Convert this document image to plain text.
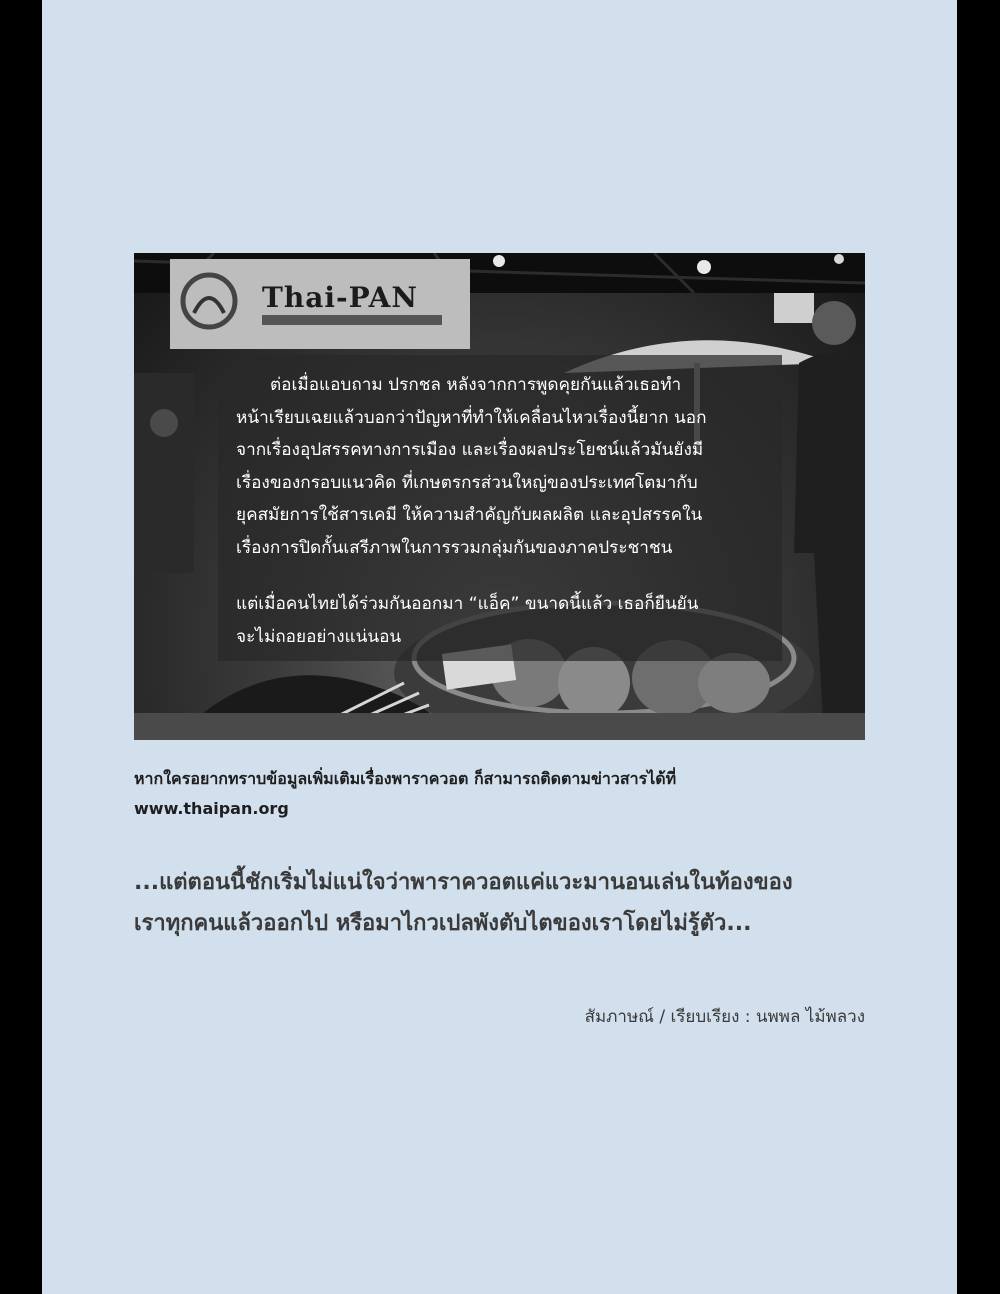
Thai-PAN

ต่อเมื่อแอบถาม ปรกชล หลังจากการพูดคุยกันแล้วเธอทำ
หน้าเรียบเฉยแล้วบอกว่าปัญหาที่ทำให้เคลื่อนไหวเรื่องนี้ยาก นอก
จากเรื่องอุปสรรคทางการเมือง และเรื่องผลประโยชน์แล้วมันยังมี
เรื่องของกรอบแนวคิด ที่เกษตรกรส่วนใหญ่ของประเทศโตมากับ
ยุคสมัยการใช้สารเคมี ให้ความสำคัญกับผลผลิต และอุปสรรคใน
เรื่องการปิดกั้นเสรีภาพในการรวมกลุ่มกันของภาคประชาชน

แต่เมื่อคนไทยได้ร่วมกันออกมา “แอ็ค” ขนาดนี้แล้ว เธอก็ยืนยัน
จะไม่ถอยอย่างแน่นอน

หากใครอยากทราบข้อมูลเพิ่มเติมเรื่องพาราควอต ก็สามารถติดตามข่าวสารได้ที่
www.thaipan.org
...แต่ตอนนี้ชักเริ่มไม่แน่ใจว่าพาราควอตแค่แวะมานอนเล่นในท้องของ
เราทุกคนแล้วออกไป หรือมาไกวเปลพังตับไตของเราโดยไม่รู้ตัว...
สัมภาษณ์ / เรียบเรียง : นพพล ไม้พลวง
